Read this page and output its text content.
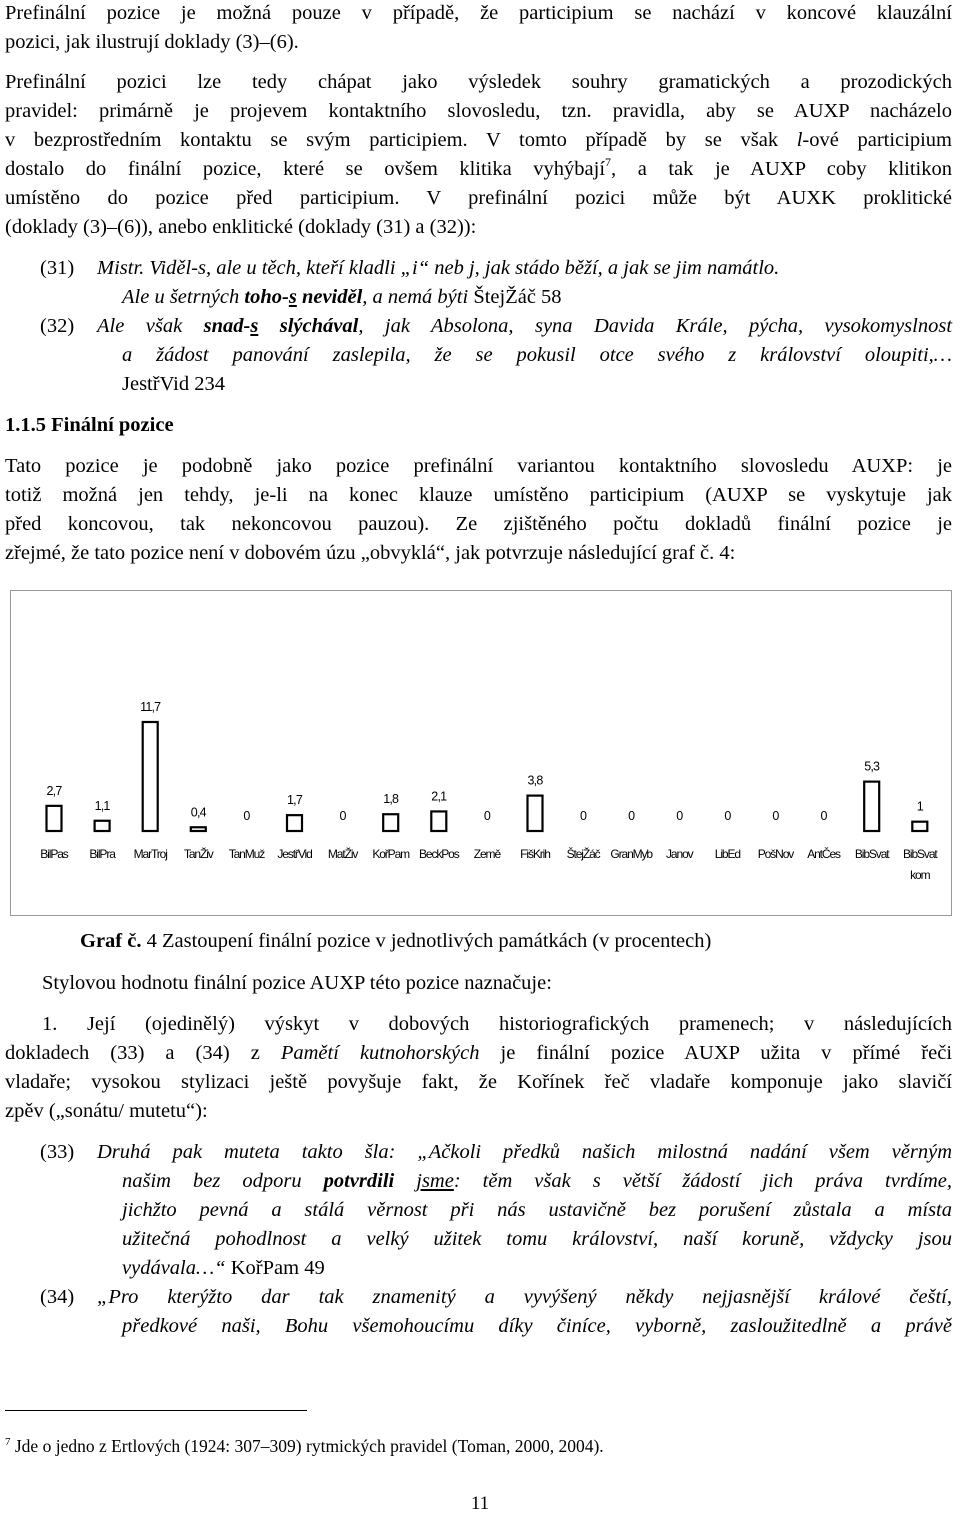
Prefinální pozice je možná pouze v případě, že participium se nachází v koncové klauzální
pozici, jak ilustrují doklady (3)–(6).
Prefinální pozici lze tedy chápat jako výsledek souhry gramatických a prozodických
pravidel: primárně je projevem kontaktního slovosledu, tzn. pravidla, aby se AUXP nacházelo
v bezprostředním kontaktu se svým participiem. V tomto případě by se však l-ové participium
dostalo do finální pozice, které se ovšem klitika vyhýbají$^7$, a tak je AUXP coby klitikon
umístěno do pozice před participium. V prefinální pozici může být AUXK proklitické
(doklady (3)–(6)), anebo enklitické (doklady (31) a (32)):
(31) Mistr. Viděl-s, ale u těch, kteří kladli „i“ neb j, jak stádo běží, a jak se jim namátlo.
Ale u šetrných toho-s neviděl, a nemá býti ŠtejŽáč 58
(32) Ale však snad-s slýchával, jak Absolona, syna Davida Krále, pýcha, vysokomyslnost
a žádost panování zaslepila, že se pokusil otce svého z království oloupiti,…
JestřVid 234
1.1.5 Finální pozice
Tato pozice je podobně jako pozice prefinální variantou kontaktního slovosledu AUXP: je
totiž možná jen tehdy, je-li na konec klauze umístěno participium (AUXP se vyskytuje jak
před koncovou, tak nekoncovou pauzou). Ze zjištěného počtu dokladů finální pozice je
zřejmé, že tato pozice není v dobovém úzu „obvyklá“, jak potvrzuje následující graf č. 4:
2,7
BilPas
1,1
BilPra
11,7
MarTroj
0,4
TanŽiv
0
TanMuž
1,7
JestřVid
0
MatŽiv
1,8
KořPam
2,1
BeckPos
0
Země
3,8
FišKrih
0
ŠtejŽáč
0
GranMyb
0
Janov
0
LibEd
0
PošNov
0
AntČes
5,3
BibSvat
1
BibSvat
kom
Graf č. 4 Zastoupení finální pozice v jednotlivých památkách (v procentech)
Stylovou hodnotu finální pozice AUXP této pozice naznačuje:
1. Její (ojedinělý) výskyt v dobových historiografických pramenech; v následujících
dokladech (33) a (34) z Pamětí kutnohorských je finální pozice AUXP užita v přímé řeči
vladaře; vysokou stylizaci ještě povyšuje fakt, že Kořínek řeč vladaře komponuje jako slavičí
zpěv („sonátu/ mutetu“):
(33) Druhá pak muteta takto šla: „Ačkoli předků našich milostná nadání všem věrným
našim bez odporu potvrdili jsme: těm však s větší žádostí jich práva tvrdíme,
jichžto pevná a stálá věrnost při nás ustavičně bez porušení zůstala a místa
užitečná pohodlnost a velký užitek tomu království, naší koruně, vždycky jsou
vydávala…“ KořPam 49
(34) „Pro kterýžto dar tak znamenitý a vyvýšený někdy nejjasnější králové čeští,
předkové naši, Bohu všemohoucímu díky činíce, vyborně, zasloužitedlně a právě
$^7$ Jde o jedno z Ertlových (1924: 307–309) rytmických pravidel (Toman, 2000, 2004).
11
